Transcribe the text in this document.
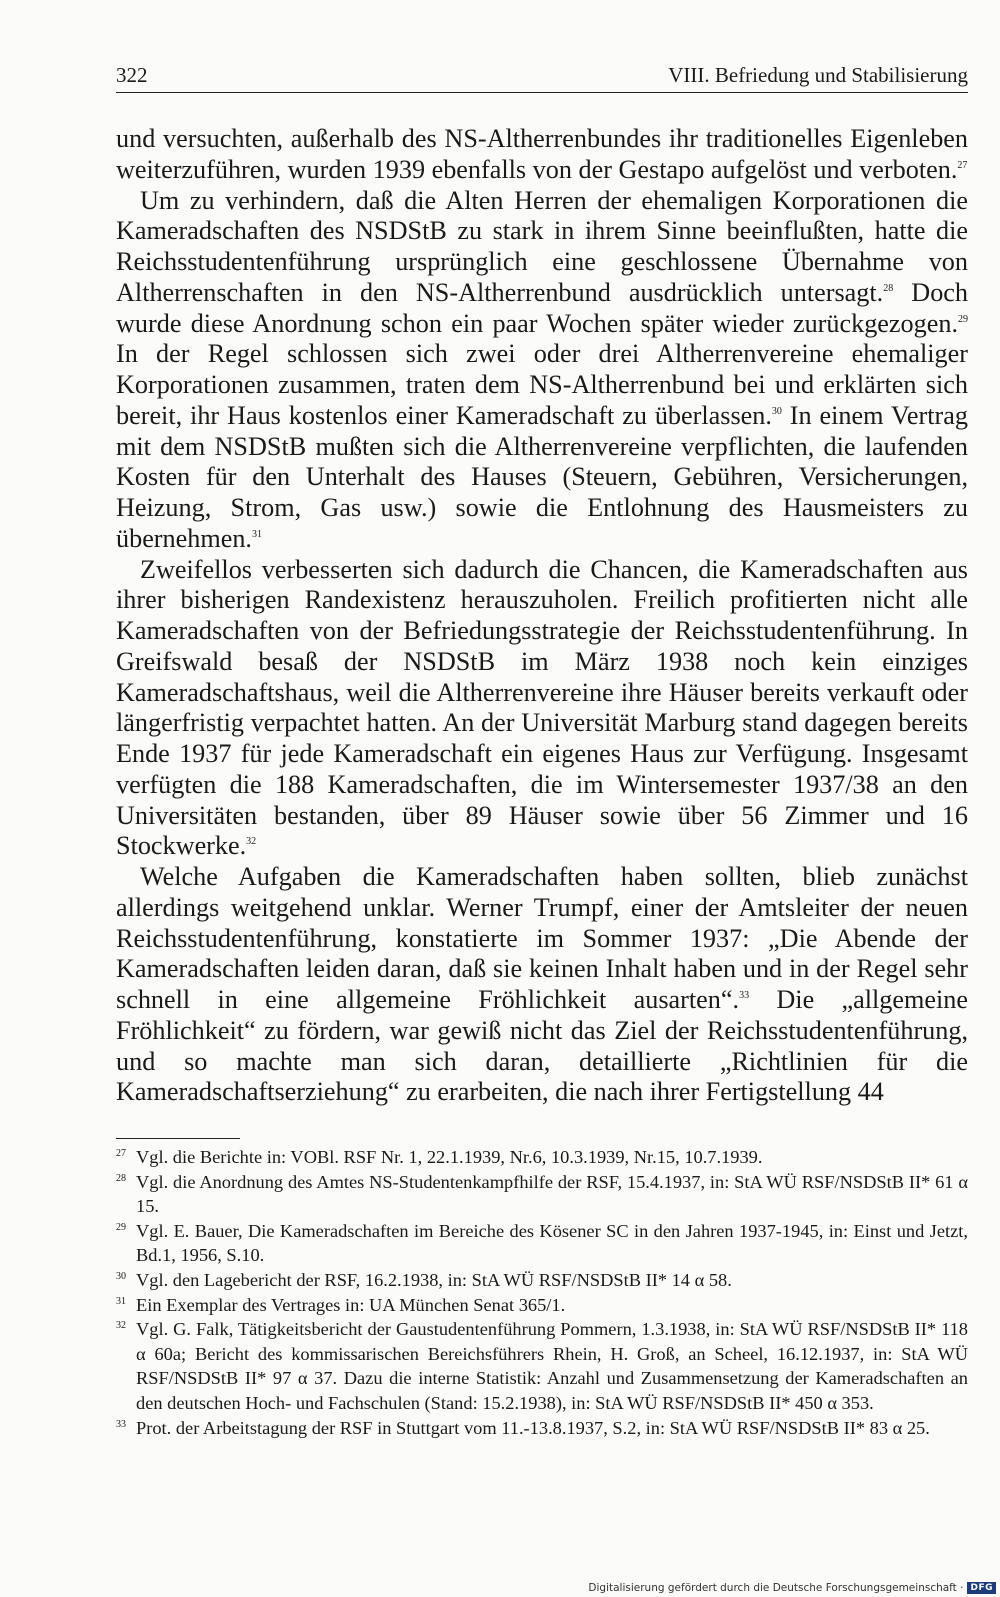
322	VIII. Befriedung und Stabilisierung

und versuchten, außerhalb des NS-Altherrenbundes ihr traditionelles Eigenleben weiterzuführen, wurden 1939 ebenfalls von der Gestapo aufgelöst und verboten.$^{27}$

Um zu verhindern, daß die Alten Herren der ehemaligen Korporationen die Kameradschaften des NSDStB zu stark in ihrem Sinne beeinflußten, hatte die Reichsstudentenführung ursprünglich eine geschlossene Übernahme von Altherrenschaften in den NS-Altherrenbund ausdrücklich untersagt.$^{28}$ Doch wurde diese Anordnung schon ein paar Wochen später wieder zurückgezogen.$^{29}$ In der Regel schlossen sich zwei oder drei Altherrenvereine ehemaliger Korporationen zusammen, traten dem NS-Altherrenbund bei und erklärten sich bereit, ihr Haus kostenlos einer Kameradschaft zu überlassen.$^{30}$ In einem Vertrag mit dem NSDStB mußten sich die Altherrenvereine verpflichten, die laufenden Kosten für den Unterhalt des Hauses (Steuern, Gebühren, Versicherungen, Heizung, Strom, Gas usw.) sowie die Entlohnung des Hausmeisters zu übernehmen.$^{31}$

Zweifellos verbesserten sich dadurch die Chancen, die Kameradschaften aus ihrer bisherigen Randexistenz herauszuholen. Freilich profitierten nicht alle Kameradschaften von der Befriedungsstrategie der Reichsstudentenführung. In Greifswald besaß der NSDStB im März 1938 noch kein einziges Kameradschaftshaus, weil die Altherrenvereine ihre Häuser bereits verkauft oder längerfristig verpachtet hatten. An der Universität Marburg stand dagegen bereits Ende 1937 für jede Kameradschaft ein eigenes Haus zur Verfügung. Insgesamt verfügten die 188 Kameradschaften, die im Wintersemester 1937/38 an den Universitäten bestanden, über 89 Häuser sowie über 56 Zimmer und 16 Stockwerke.$^{32}$

Welche Aufgaben die Kameradschaften haben sollten, blieb zunächst allerdings weitgehend unklar. Werner Trumpf, einer der Amtsleiter der neuen Reichsstudentenführung, konstatierte im Sommer 1937: „Die Abende der Kameradschaften leiden daran, daß sie keinen Inhalt haben und in der Regel sehr schnell in eine allgemeine Fröhlichkeit ausarten“.$^{33}$ Die „allgemeine Fröhlichkeit“ zu fördern, war gewiß nicht das Ziel der Reichsstudentenführung, und so machte man sich daran, detaillierte „Richtlinien für die Kameradschaftserziehung“ zu erarbeiten, die nach ihrer Fertigstellung 44

27 Vgl. die Berichte in: VOBl. RSF Nr. 1, 22.1.1939, Nr.6, 10.3.1939, Nr.15, 10.7.1939.
28 Vgl. die Anordnung des Amtes NS-Studentenkampfhilfe der RSF, 15.4.1937, in: StA WÜ RSF/NSDStB II* 61 α 15.
29 Vgl. E. Bauer, Die Kameradschaften im Bereiche des Kösener SC in den Jahren 1937-1945, in: Einst und Jetzt, Bd.1, 1956, S.10.
30 Vgl. den Lagebericht der RSF, 16.2.1938, in: StA WÜ RSF/NSDStB II* 14 α 58.
31 Ein Exemplar des Vertrages in: UA München Senat 365/1.
32 Vgl. G. Falk, Tätigkeitsbericht der Gaustudentenführung Pommern, 1.3.1938, in: StA WÜ RSF/NSDStB II* 118 α 60a; Bericht des kommissarischen Bereichsführers Rhein, H. Groß, an Scheel, 16.12.1937, in: StA WÜ RSF/NSDStB II* 97 α 37. Dazu die interne Statistik: Anzahl und Zusammensetzung der Kameradschaften an den deutschen Hoch- und Fachschulen (Stand: 15.2.1938), in: StA WÜ RSF/NSDStB II* 450 α 353.
33 Prot. der Arbeitstagung der RSF in Stuttgart vom 11.-13.8.1937, S.2, in: StA WÜ RSF/NSDStB II* 83 α 25.
Digitalisierung gefördert durch die Deutsche Forschungsgemeinschaft · DFG
